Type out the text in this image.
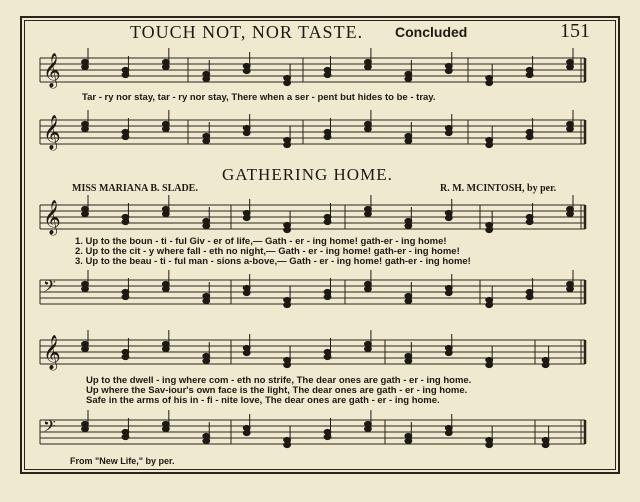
TOUCH NOT, NOR TASTE. Concluded	151
𝄞
𝄞
𝄞
𝄢
𝄞
𝄢
Tar - ry nor stay, tar - ry nor stay, There when a ser - pent but hides to be - tray.
GATHERING HOME.
MISS MARIANA B. SLADE.	R. M. MCINTOSH, by per.
1. Up to the boun - ti - ful Giv - er of life,— Gath - er - ing home! gath-er - ing home!
2. Up to the cit - y where fall - eth no night,— Gath - er - ing home! gath-er - ing home!
3. Up to the beau - ti - ful man - sions a-bove,— Gath - er - ing home! gath-er - ing home!
Up to the dwell - ing where com - eth no strife, The dear ones are gath - er - ing home.
Up where the Sav-iour's own face is the light, The dear ones are gath - er - ing home.
Safe in the arms of his in - fi - nite love, The dear ones are gath - er - ing home.
From "New Life," by per.
